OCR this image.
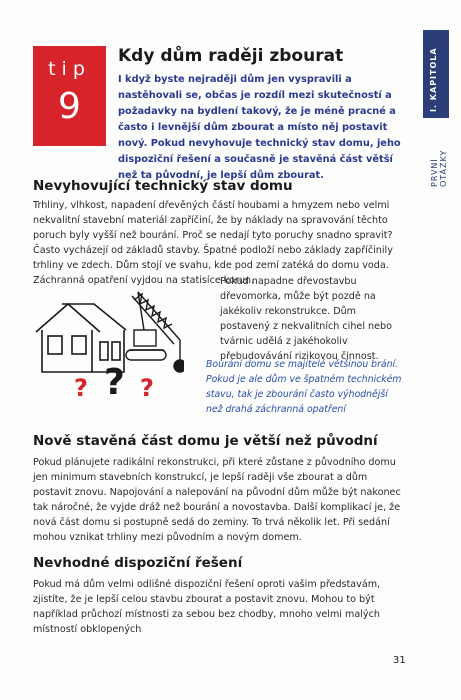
tip
9
Kdy dům raději zbourat
I když byste nejraději dům jen vyspravili a nastěhovali se, občas je rozdíl mezi skutečností a požadavky na bydlení takový, že je méně pracné a často i levnější dům zbourat a místo něj postavit nový. Pokud nevyhovuje technický stav domu, jeho dispoziční řešení a současně je stavěná část větší než ta původní, je lepší dům zbourat.
I. KAPITOLA
PRVNÍ OTÁZKY
Nevyhovující technický stav domu
Trhliny, vlhkost, napadení dřevěných částí houbami a hmyzem nebo velmi nekvalitní stavební materiál zapříčiní, že by náklady na spravování těchto poruch byly vyšší než bourání. Proč se nedají tyto poruchy snadno spravit? Často vycházejí od základů stavby. Špatné podloží nebo základy zapříčinily trhliny ve zdech. Dům stojí ve svahu, kde pod zemí zatéká do domu voda. Záchranná opatření vyjdou na statisíce korun.
Pokud napadne dřevostavbu dřevomorka, může být pozdě na jakékoliv rekonstrukce. Dům postavený z nekvalitních cihel nebo tvárnic udělá z jakéhokoliv přebudovávání rizikovou činnost.
? ? ?
Bourání domu se majitelé většinou brání. Pokud je ale dům ve špatném technickém stavu, tak je zbourání často výhodnější než drahá záchranná opatření
Nově stavěná část domu je větší než původní
Pokud plánujete radikální rekonstrukci, při které zůstane z původního domu jen minimum stavebních konstrukcí, je lepší raději vše zbourat a dům postavit znovu. Napojování a nalepování na původní dům může být nakonec tak náročné, že vyjde dráž než bourání a novostavba. Další komplikací je, že nová část domu si postupně sedá do zeminy. To trvá několik let. Při sedání mohou vznikat trhliny mezi původním a novým domem.
Nevhodné dispoziční řešení
Pokud má dům velmi odlišné dispoziční řešení oproti vašim představám, zjistíte, že je lepší celou stavbu zbourat a postavit znovu. Mohou to být například průchozí místnosti za sebou bez chodby, mnoho velmi malých místností obklopených
31
